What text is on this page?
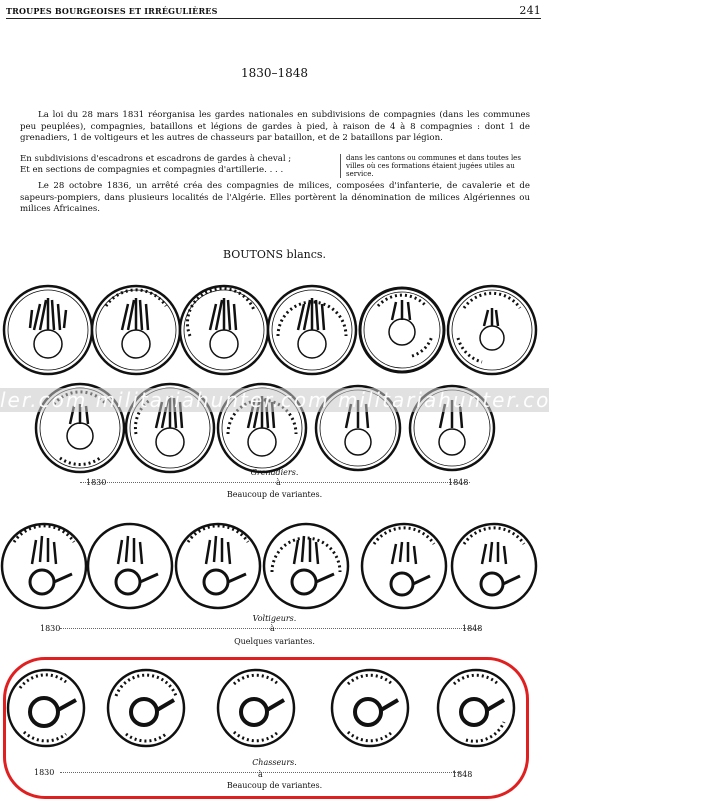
TROUPES BOURGEOISES ET IRRÉGULIÈRES	241
1830–1848
La loi du 28 mars 1831 réorganisa les gardes nationales en subdivisions de compagnies (dans les communes peu peuplées), compagnies, bataillons et légions de gardes à pied, à raison de 4 à 8 compagnies : dont 1 de grenadiers, 1 de voltigeurs et les autres de chasseurs par bataillon, et de 2 bataillons par légion.
En subdivisions d'escadrons et escadrons de gardes à cheval ;
Et en sections de compagnies et compagnies d'artillerie. . . .
dans les cantons ou communes et dans toutes les villes où ces formations étaient jugées utiles au service.
Le 28 octobre 1836, un arrêté créa des compagnies de milices, composées d'infanterie, de cavalerie et de sapeurs-pompiers, dans plusieurs localités de l'Algérie. Elles portèrent la dénomination de milices Algériennes ou milices Africaines.
BOUTONS blancs.
ler.com militariahunter.com militariahunter.com militariahu
Grenadiers.
1830	à	1848
Beaucoup de variantes.
Voltigeurs.
1830	à	1848
Quelques variantes.
Chasseurs.
1830	à	1848
Beaucoup de variantes.
